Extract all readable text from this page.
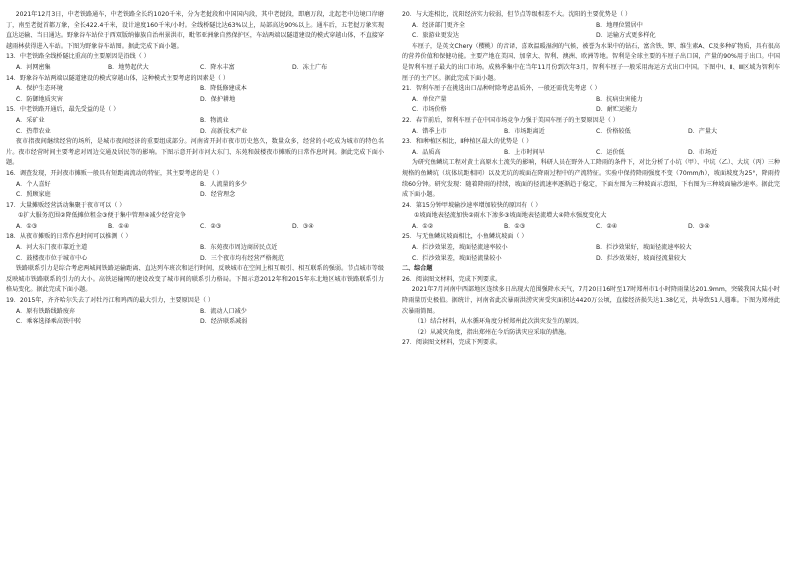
2021年12月3日，中老铁路通车，中老铁路全长约1020千米，分为老挝段和中国国内段，其中老挝段，即磨万段，北起老中边境口岸磨丁，南至老挝首都万象，全长422.4千米，设计速度160千米/小时。全线桥隧比达63%以上，局部高达90%以上。通车后，五老挝万象实现直达运输、当日通达。野象谷车站位于西双版纳傣族自治州景洪市，毗邻亚洲象自然保护区，车站两端以隧道建设的模式穿越山体，不直接穿越雨林获得进入车站。下图为野象谷车站图。据此完成下面小题。

13．中老铁路全线桥隧比重高的主要原因是沿线（ ）

A．河网密集	B．地势起伏大	C．降水丰富	D．冻土广布

14．野象谷车站两端以隧道建设的模式穿越山体，这种模式主要考虑的因素是（ ）

A．保护生态环境	B．降低修建成本
C．防御地质灾害	D．保护耕地

15．中老铁路开通后，最先受益的是（ ）

A．采矿业	B．物流业
C．热带农业	D．高新技术产业

夜市指夜间継续经营的场所，是城市夜间经济的重要组成部分。河南省开封市夜市历史悠久，数量众多，经营的小吃成为城市的特色名片。夜市经营时间主要考虑对周边交通及居民等的影响。下图示意开封市河大东门、东苑和鼓楼夜市摊贩的日常作息时间。据此完成下面小题。

16．调查发现，开封夜市摊贩一般具有短距离流动的特征，其主要考虑的是（ ）

A．个人喜好	B．人流量的多少
C．照顾家庭	D．经营理念

17．大量摊贩经营活动集聚于夜市可以（ ）

①扩大服务范围②降低摊位租金③便于集中管理④减少经营竞争

A．①③	B．①④	C．②③	D．③④

18．从夜市摊贩的日常作息时间可以推测（ ）

A．河大东门夜市靠近主道	B．东苑夜市周边商居民点近
C．鼓楼夜市位于城市中心	D．三个夜市均有经营严格规范

铁路联系引力是综合考虑两城间铁路运输距离、直达列车班次和运行时间，反映城市在空间上相互吸引、相互联系的强弱。节点城市等级反映城市铁路联系的引力的大小。高铁运输网的建设改变了城市间的联系引力格局。下图示意2012年和2015年东北地区城市铁路联系引力格局变化。据此完成下面小题。

19．2015年，齐齐哈尔失去了对牡丹江和鸡西的最大引力，主要原因是（ ）

A．原有铁路线路废弃	B．流动人口减少
C．乘客选择乘高铁中转	D．经济联系减弱

20．与大连相比，沈阳经济实力较弱，但节点等级相差不大。沈阳的主要优势是（ ）

A．经济部门更齐全	B．地理位置居中
C．旅游业更发达	D．运输方式更多样化

车厘子，是英文Chery（樱桃）的音译，喜欢温暖湿润的气候，被誉为水果中的钻石，富含铁、钾、维生素A、C及多种矿物质，具有很高的营养价值和保健功能。主要产地在美国、加拿大、智利、澳洲、欧洲等地。智利是全球主要的车厘子出口国，产量的90%用于出口。中国是智利车厘子最大的出口市场。成熟季集中在当年11月份到次年3月，智利车厘子一般采用海运方式出口中国。下图中Ⅰ、Ⅱ、Ⅲ区域为智利车厘子的主产区。据此完成下面小题。

21．智利车厘子在挑选出口品种时除考虑品质外，一般还需优先考虑（ ）

A．单位产量	B．抗病虫害能力
C．市场价格	D．耐贮运能力

22．春节前后，智利车厘子在中国市场竞争力强于美国车厘子的主要原因是（ ）

A．错季上市	B．市场距离近	C．价格较低	D．产量大

23．和Ⅰ种植区相比，Ⅱ种植区最大的优势是（ ）

A．品质高	B．上市时间早	C．运价低	D．市场近

为研究鱼鳞坑工程对黄土高原水土流失的影响，科研人员在野外人工降雨的条件下，对比分析了小坑（甲）、中坑（乙）、大坑（丙）三种规格的鱼鳞坑（坑体坑距相同）以及无坑的坡面在降雨过程中的产流特征。实验中保持降雨强度不变（70mm/h），坡面坡度为25°，降雨持续60分钟。研究发现：随着降雨的持续，坡面的径流速率逐渐趋于稳定，下面左图为三种坡面示意图，下右图为三种坡面输沙速率。据此完成下面小题。

24．第15分钟甲坡输沙速率增加较快的原因有（ ）

①坡面地表径流加快②雨水下渗多③坡面地表径流增大④降水强度变化大

A．①②	B．①③	C．②④	D．③④

25．与无鱼鳞坑坡面相比，小鱼鳞坑坡面（ ）

A．拦沙效果差，坡面径流速率较小	B．拦沙效果好，坡面径流速率较大
C．拦沙效果差，坡面径流量较小	D．拦沙效果好，坡面径流量较大

二、综合题

26．阅读图文材料，完成下列要求。

2021年7月河南中西部地区连续多日出现大范围强降水天气，7月20日16时至17时郑州市1小时降雨量达201.9mm，突破我国大陆小时降雨量历史极值。据统计，河南省此次暴雨洪涝灾害受灾面积达4420万公顷，直接经济损失达1.38亿元，共导致51人遇难。下图为郑州此次暴雨简图。

（1）结合材料，从水循环角度分析郑州此次洪灾发生的原因。

（2）从减灾角度，指出郑州在今后防洪灾应采取的措施。

27．阅读图文材料，完成下列要求。
